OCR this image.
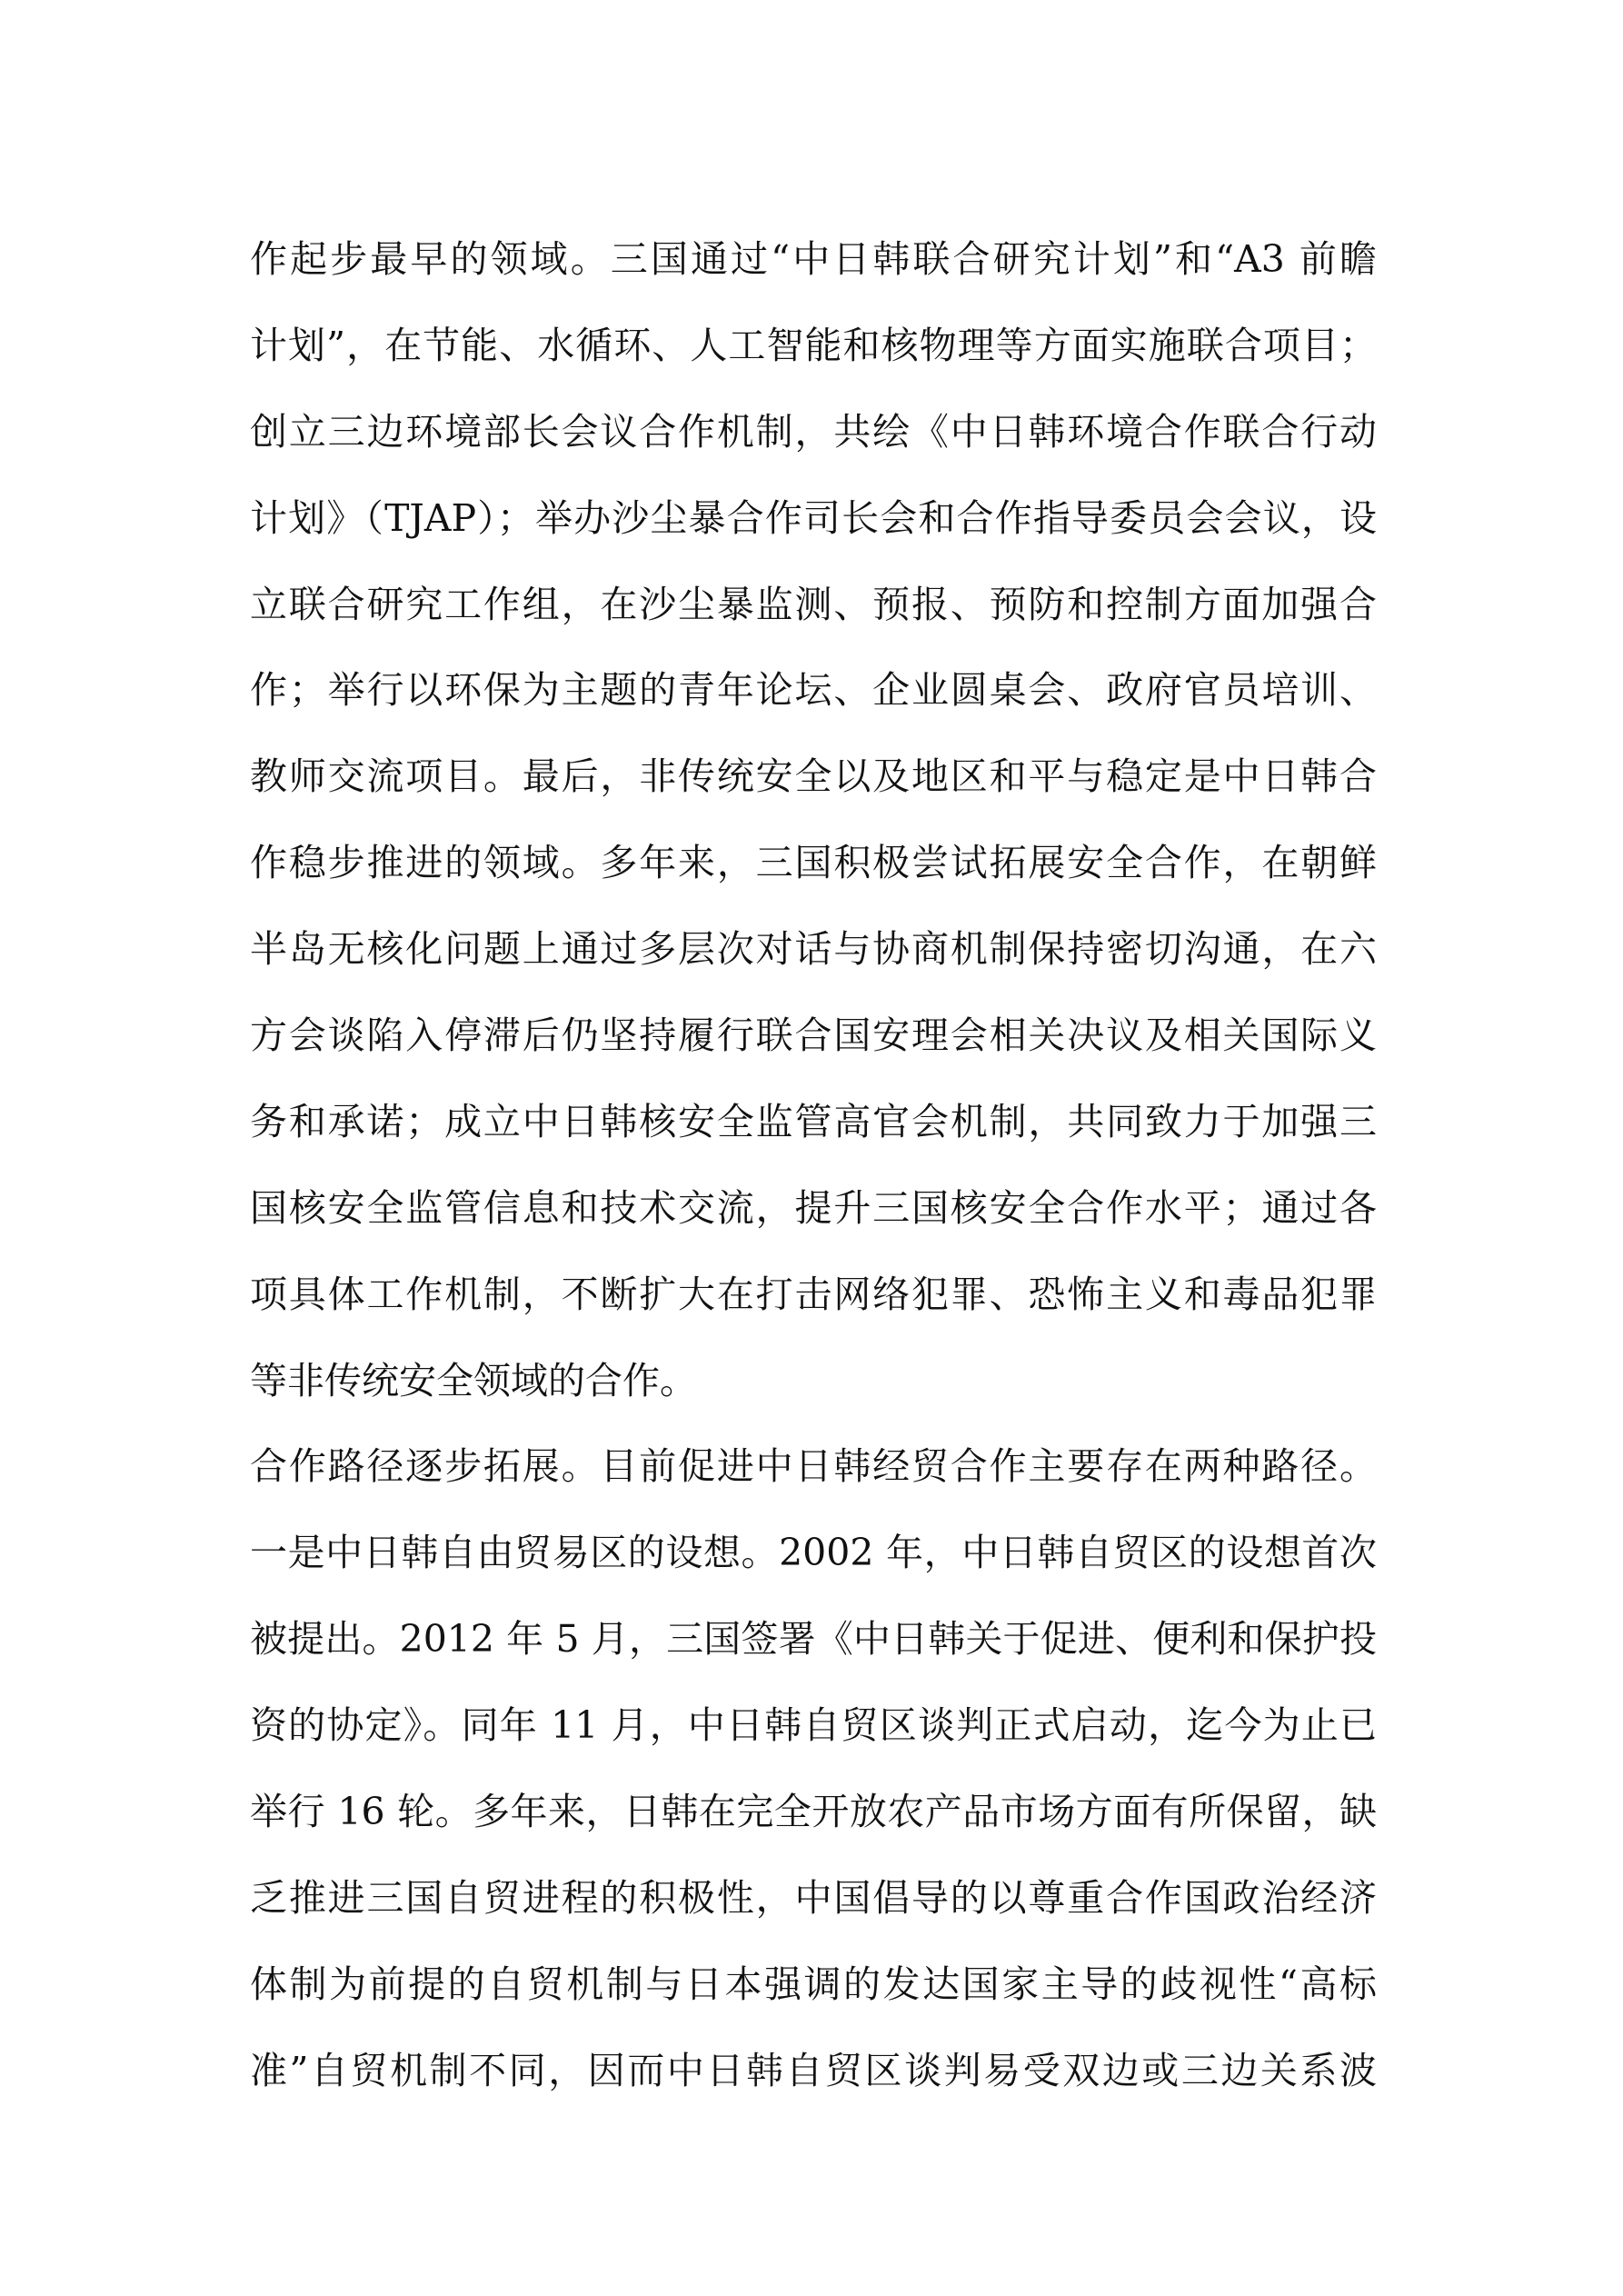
作起步最早的领域。三国通过“中日韩联合研究计划”和“A3 前瞻
计划”，在节能、水循环、人工智能和核物理等方面实施联合项目；
创立三边环境部长会议合作机制，共绘《中日韩环境合作联合行动
计划》（TJAP）；举办沙尘暴合作司长会和合作指导委员会会议，设
立联合研究工作组，在沙尘暴监测、预报、预防和控制方面加强合
作；举行以环保为主题的青年论坛、企业圆桌会、政府官员培训、
教师交流项目。最后，非传统安全以及地区和平与稳定是中日韩合
作稳步推进的领域。多年来，三国积极尝试拓展安全合作，在朝鲜
半岛无核化问题上通过多层次对话与协商机制保持密切沟通，在六
方会谈陷入停滞后仍坚持履行联合国安理会相关决议及相关国际义
务和承诺；成立中日韩核安全监管高官会机制，共同致力于加强三
国核安全监管信息和技术交流，提升三国核安全合作水平；通过各
项具体工作机制，不断扩大在打击网络犯罪、恐怖主义和毒品犯罪
等非传统安全领域的合作。
合作路径逐步拓展。目前促进中日韩经贸合作主要存在两种路径。
一是中日韩自由贸易区的设想。2002 年，中日韩自贸区的设想首次
被提出。2012 年 5 月，三国签署《中日韩关于促进、便利和保护投
资的协定》。同年 11 月，中日韩自贸区谈判正式启动，迄今为止已
举行 16 轮。多年来，日韩在完全开放农产品市场方面有所保留，缺
乏推进三国自贸进程的积极性，中国倡导的以尊重合作国政治经济
体制为前提的自贸机制与日本强调的发达国家主导的歧视性“高标
准”自贸机制不同，因而中日韩自贸区谈判易受双边或三边关系波
